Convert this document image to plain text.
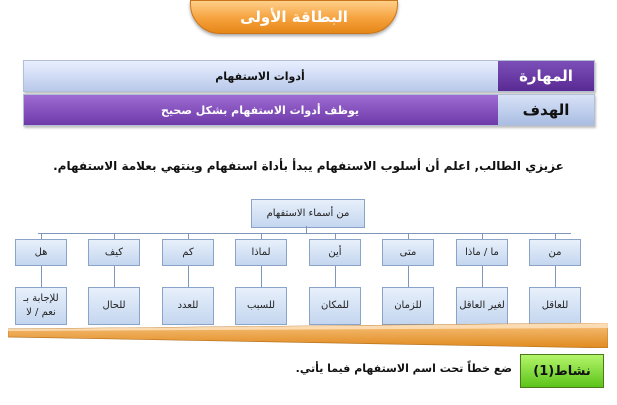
البطاقة الأولى
أدوات الاستفهام	المهارة
يوظف أدوات الاستفهام بشكل صحيح	الهدف
عزيزي الطالب, اعلم أن أسلوب الاستفهام يبدأ بأداة استفهام وينتهي بعلامة الاستفهام.
من أسماء الاستفهام
من
للعاقل
ما / ماذا
لغير العاقل
متى
للزمان
أين
للمكان
لماذا
للسبب
كم
للعدد
كيف
للحال
هل
للإجابة بـ نعم / لا
نشاط(1)
ضع خطاً تحت اسم الاستفهام فيما يأتي.
